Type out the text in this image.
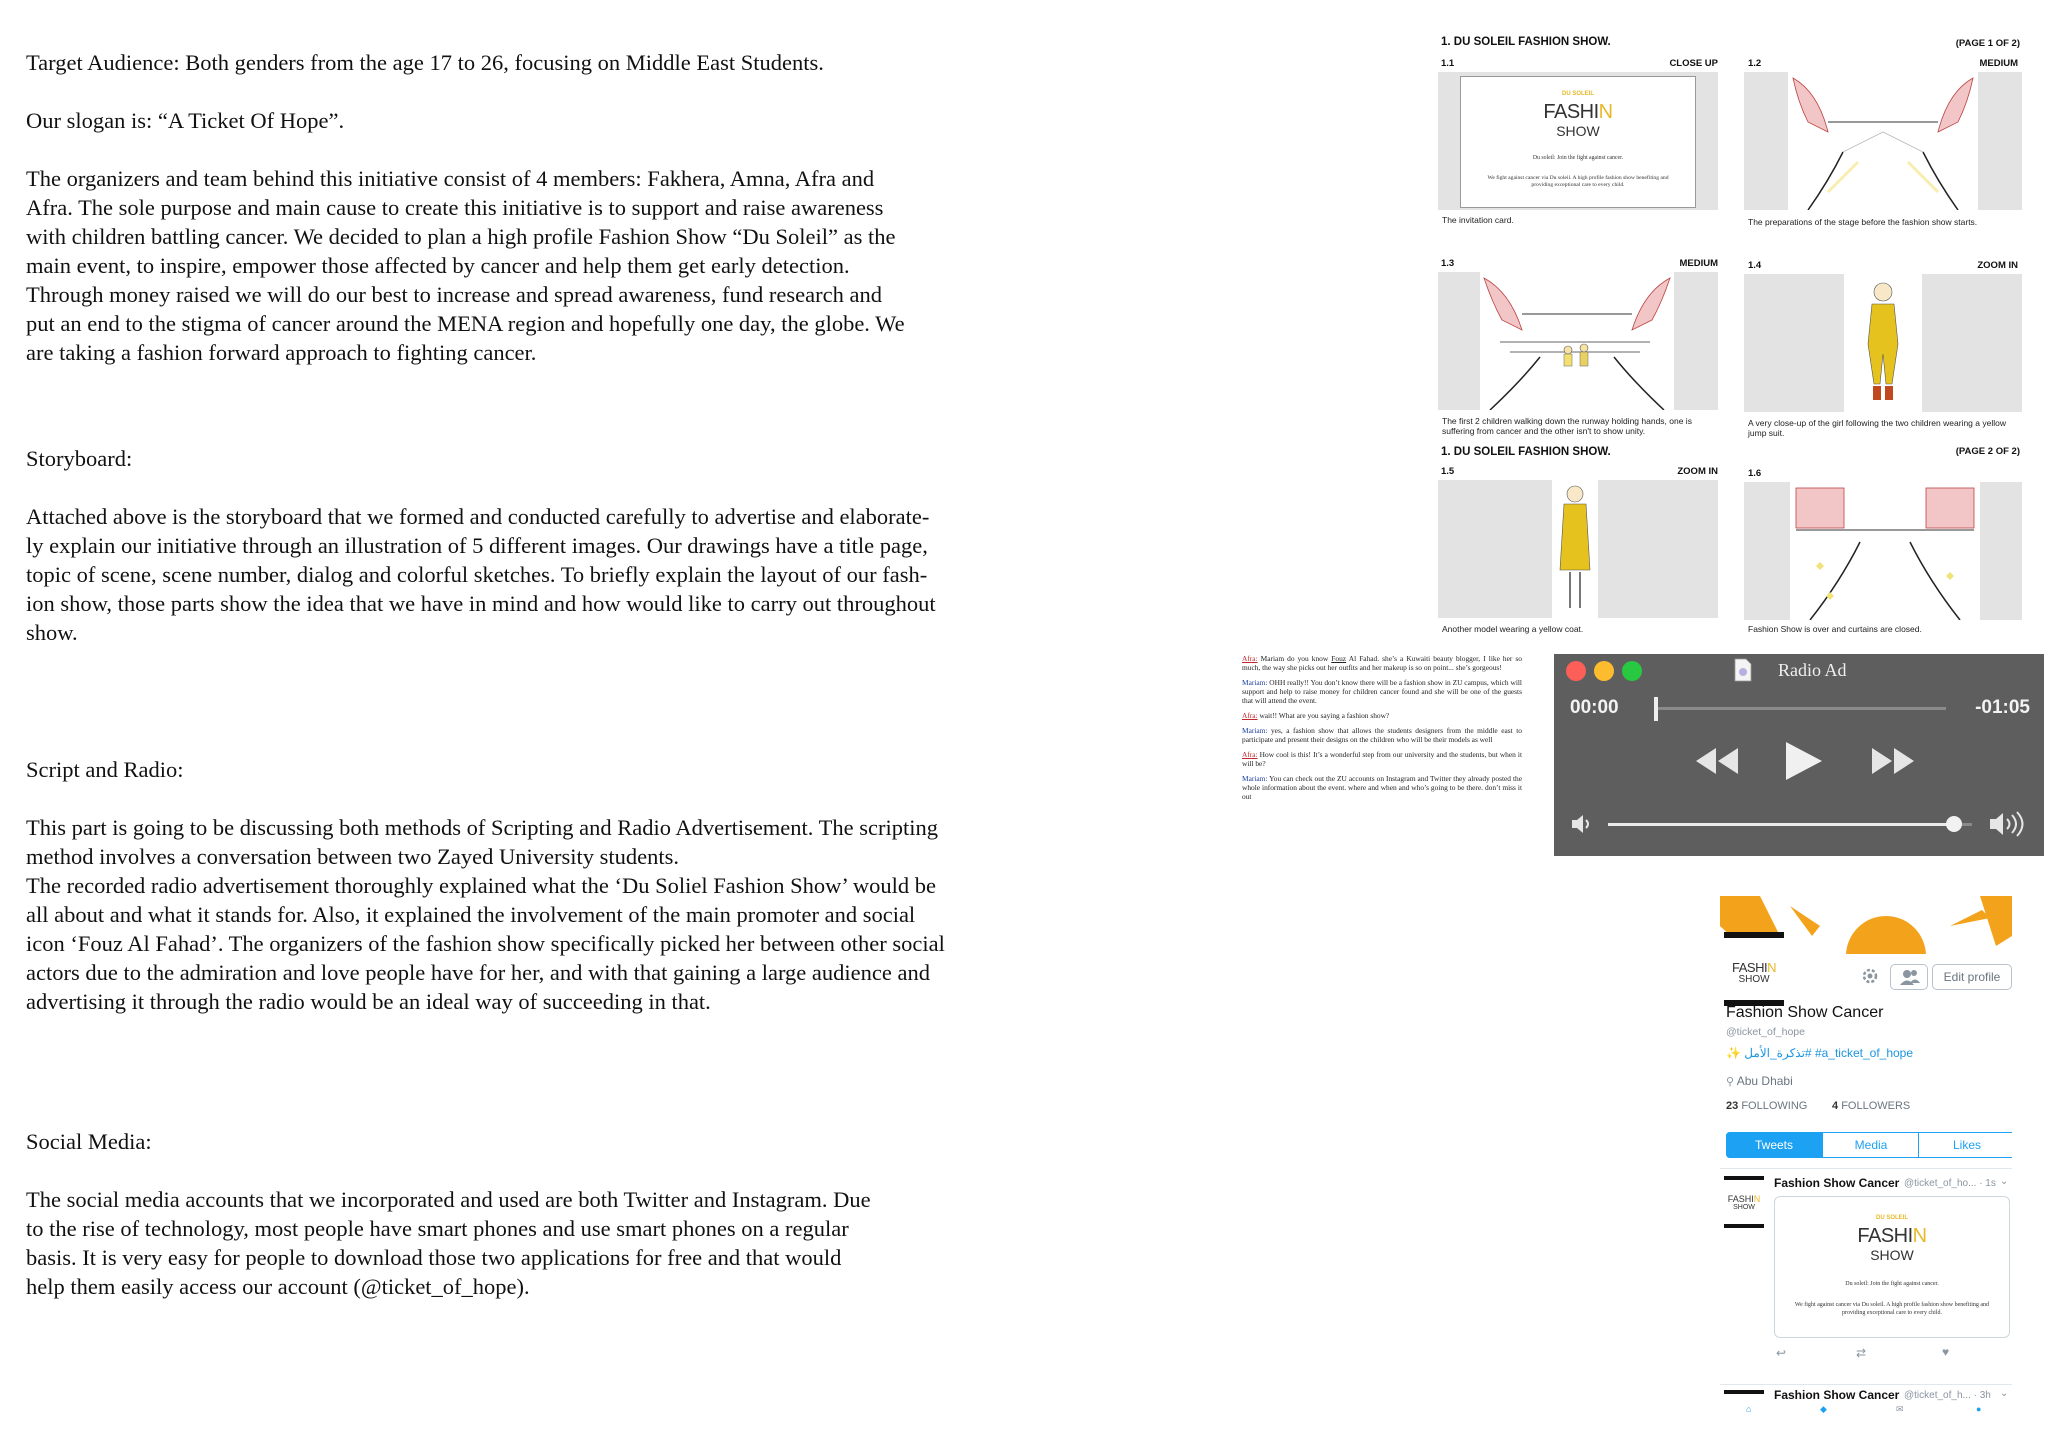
Target Audience: Both genders from the age 17 to 26, focusing on Middle East Students.

Our slogan is: “A Ticket Of Hope”.

The organizers and team behind this initiative consist of 4 members: Fakhera, Amna, Afra and
Afra. The sole purpose and main cause to create this initiative is to support and raise awareness
with children battling cancer. We decided to plan a high profile Fashion Show “Du Soleil” as the
main event, to inspire, empower those affected by cancer and help them get early detection.
Through money raised we will do our best to increase and spread awareness, fund research and
put an end to the stigma of cancer around the MENA region and hopefully one day, the globe. We
are taking a fashion forward approach to fighting cancer.

Storyboard:

Attached above is the storyboard that we formed and conducted carefully to advertise and elaborate-
ly explain our initiative through an illustration of 5 different images. Our drawings have a title page,
topic of scene, scene number, dialog and colorful sketches. To briefly explain the layout of our fash-
ion show, those parts show the idea that we have in mind and how would like to carry out throughout
show.

Script and Radio:

This part is going to be discussing both methods of Scripting and Radio Advertisement. The scripting
method involves a conversation between two Zayed University students.
The recorded radio advertisement thoroughly explained what the ‘Du Soliel Fashion Show’ would be
all about and what it stands for. Also, it explained the involvement of the main promoter and social
icon ‘Fouz Al Fahad’. The organizers of the fashion show specifically picked her between other social
actors due to the admiration and love people have for her, and with that gaining a large audience and
advertising it through the radio would be an ideal way of succeeding in that.

Social Media:

The social media accounts that we incorporated and used are both Twitter and Instagram. Due
to the rise of technology, most people have smart phones and use smart phones on a regular
basis. It is very easy for people to download those two applications for free and that would
help them easily access our account (@ticket_of_hope).
1. DU SOLEIL FASHION SHOW.	(PAGE 1 OF 2)
1.1	CLOSE UP
DU SOLEIL
FASHIN
SHOW
Du soleil: Join the fight against cancer.
We fight against cancer via Du soleil. A high profile fashion show benefiting and providing exceptional care to every child.
The invitation card.
1.2	MEDIUM
The preparations of the stage before the fashion show starts.
1.3	MEDIUM
The first 2 children walking down the runway holding hands, one is suffering from cancer and the other isn't to show unity.
1.4	ZOOM IN
A very close-up of the girl following the two children wearing a yellow jump suit.
1. DU SOLEIL FASHION SHOW.	(PAGE 2 OF 2)
1.5	ZOOM IN
Another model wearing a yellow coat.
1.6
Fashion Show is over and curtains are closed.

Afra: Mariam do you know Fouz Al Fahad. she’s a Kuwaiti beauty blogger, I like her so much, the way she picks out her outfits and her makeup is so on point... she’s gorgeous!

Mariam: OHH really!! You don’t know there will be a fashion show in ZU campus, which will support and help to raise money for children cancer found and she will be one of the guests that will attend the event.

Afra: wait!! What are you saying a fashion show?

Mariam: yes, a fashion show that allows the students designers from the middle east to participate and present their designs on the children who will be their models as well

Afra: How cool is this! It’s a wonderful step from our university and the students, but when it will be?

Mariam: You can check out the ZU accounts on Instagram and Twitter they already posted the whole information about the event. where and when and who’s going to be there. don’t miss it out

Radio Ad
00:00	-01:05
FASHIN
SHOW	Edit profile
Fashion Show Cancer
@ticket_of_hope
✨ #تذكرة_الأمل #a_ticket_of_hope
⚲ Abu Dhabi
23 FOLLOWING 4 FOLLOWERS
Tweets	Media	Likes
FASHIN
SHOW
Fashion Show Cancer @ticket_of_ho... · 1s ⌄
DU SOLEIL
FASHIN
SHOW
Du soleil: Join the fight against cancer.
We fight against cancer via Du soleil. A high profile fashion show benefiting and providing exceptional care to every child.
↩	⇄	♥
Fashion Show Cancer @ticket_of_h... · 3h ⌄
⌂	◆	✉	●
